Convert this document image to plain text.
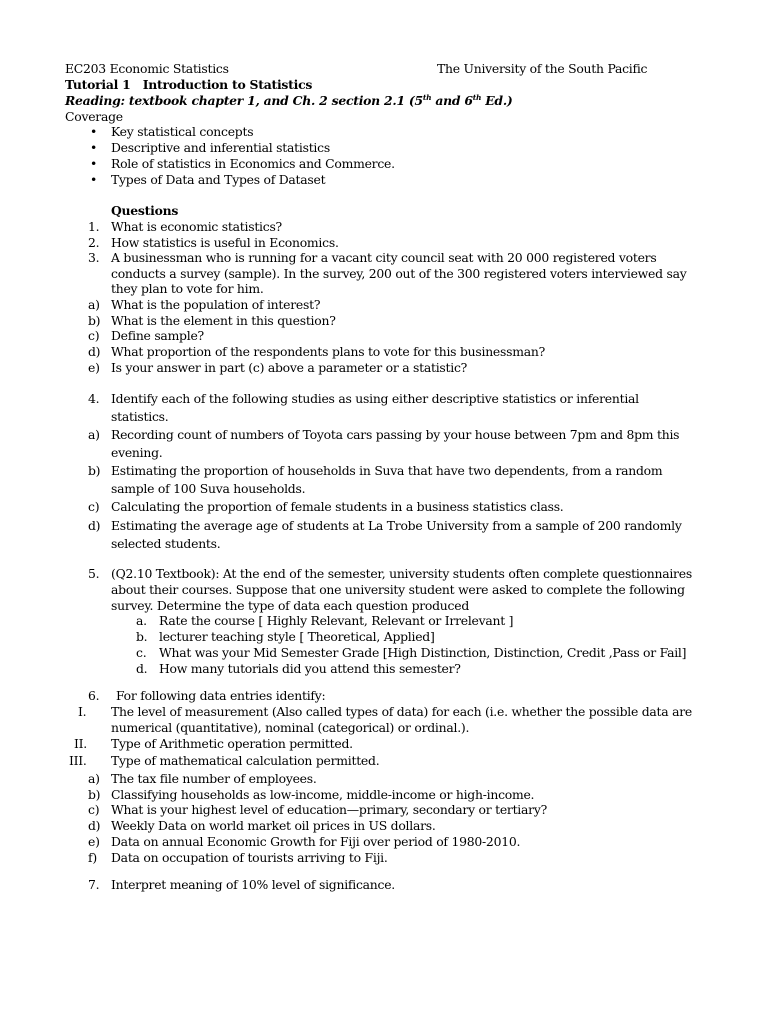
EC203 Economic Statistics	The University of the South Pacific
Tutorial 1 Introduction to Statistics
Reading: textbook chapter 1, and Ch. 2 section 2.1 (5th and 6th Ed.)
Coverage
• Key statistical concepts
• Descriptive and inferential statistics
• Role of statistics in Economics and Commerce.
• Types of Data and Types of Dataset
Questions
1. What is economic statistics?
2. How statistics is useful in Economics.
3. A businessman who is running for a vacant city council seat with 20 000 registered voters
conducts a survey (sample). In the survey, 200 out of the 300 registered voters interviewed say
they plan to vote for him.
a) What is the population of interest?
b) What is the element in this question?
c) Define sample?
d) What proportion of the respondents plans to vote for this businessman?
e) Is your answer in part (c) above a parameter or a statistic?
4. Identify each of the following studies as using either descriptive statistics or inferential
statistics.
a) Recording count of numbers of Toyota cars passing by your house between 7pm and 8pm this
evening.
b) Estimating the proportion of households in Suva that have two dependents, from a random
sample of 100 Suva households.
c) Calculating the proportion of female students in a business statistics class.
d) Estimating the average age of students at La Trobe University from a sample of 200 randomly
selected students.
5. (Q2.10 Textbook): At the end of the semester, university students often complete questionnaires
about their courses. Suppose that one university student were asked to complete the following
survey. Determine the type of data each question produced
a. Rate the course [ Highly Relevant, Relevant or Irrelevant ]
b. lecturer teaching style [ Theoretical, Applied]
c. What was your Mid Semester Grade [High Distinction, Distinction, Credit ,Pass or Fail]
d. How many tutorials did you attend this semester?
6. For following data entries identify:
I. The level of measurement (Also called types of data) for each (i.e. whether the possible data are
numerical (quantitative), nominal (categorical) or ordinal.).
II. Type of Arithmetic operation permitted.
III. Type of mathematical calculation permitted.
a) The tax file number of employees.
b) Classifying households as low-income, middle-income or high-income.
c) What is your highest level of education—primary, secondary or tertiary?
d) Weekly Data on world market oil prices in US dollars.
e) Data on annual Economic Growth for Fiji over period of 1980-2010.
f) Data on occupation of tourists arriving to Fiji.
7. Interpret meaning of 10% level of significance.
